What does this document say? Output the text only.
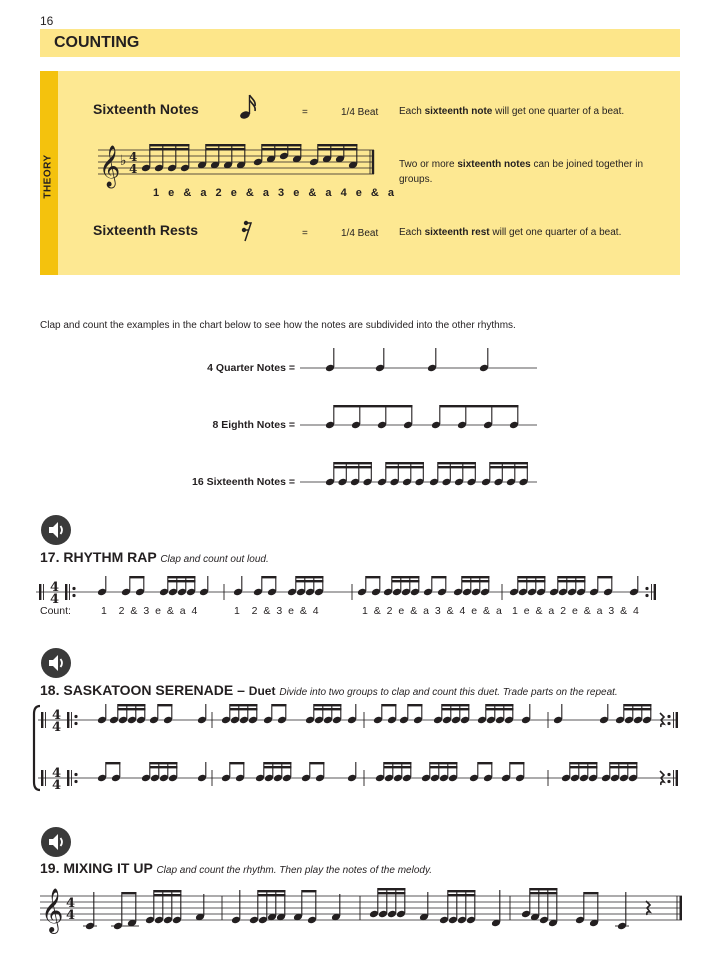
16
COUNTING
THEORY
Sixteenth Notes	=	1/4 Beat Each sixteenth note will get one quarter of a beat.
𝄞 ♭ 4
4
1 e & a 2 e & a 3 e & a 4 e & a
Two or more sixteenth notes can be joined together in groups.
Sixteenth Rests	=	1/4 Beat Each sixteenth rest will get one quarter of a beat.
Clap and count the examples in the chart below to see how the notes are subdivided into the other rhythms.
4 Quarter Notes =
8 Eighth Notes =
16 Sixteenth Notes =
17. RHYTHM RAP Clap and count out loud.
4
4
Count:	1  2 & 3 e & a 4	1  2 & 3 e & 4	1 & 2 e & a 3 & 4 e & a 1 e & a 2 e & a 3 & 4
18. SASKATOON SERENADE – Duet Divide into two groups to clap and count this duet. Trade parts on the repeat.
4
4
4
4
19. MIXING IT UP Clap and count the rhythm. Then play the notes of the melody.
𝄞 4
4
